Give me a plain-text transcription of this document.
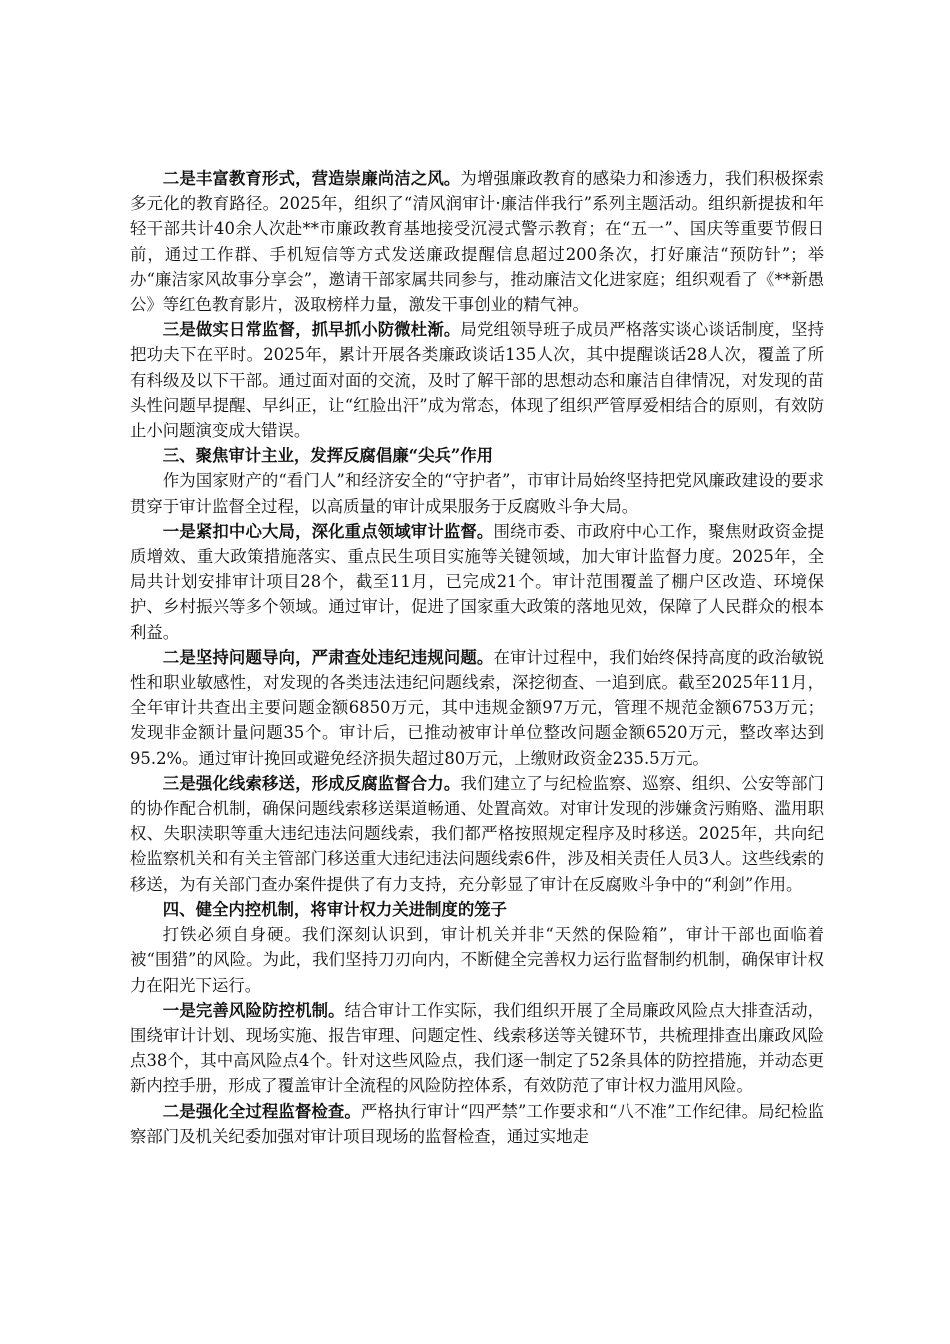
二是丰富教育形式，营造崇廉尚洁之风。为增强廉政教育的感染力和渗透力，我们积极探索多元化的教育路径。2025年，组织了“清风润审计·廉洁伴我行”系列主题活动。组织新提拔和年轻干部共计40余人次赴**市廉政教育基地接受沉浸式警示教育；在“五一”、国庆等重要节假日前，通过工作群、手机短信等方式发送廉政提醒信息超过200条次，打好廉洁“预防针”；举办“廉洁家风故事分享会”，邀请干部家属共同参与，推动廉洁文化进家庭；组织观看了《**新愚公》等红色教育影片，汲取榜样力量，激发干事创业的精气神。

三是做实日常监督，抓早抓小防微杜渐。局党组领导班子成员严格落实谈心谈话制度，坚持把功夫下在平时。2025年，累计开展各类廉政谈话135人次，其中提醒谈话28人次，覆盖了所有科级及以下干部。通过面对面的交流，及时了解干部的思想动态和廉洁自律情况，对发现的苗头性问题早提醒、早纠正，让“红脸出汗”成为常态，体现了组织严管厚爱相结合的原则，有效防止小问题演变成大错误。

三、聚焦审计主业，发挥反腐倡廉“尖兵”作用

作为国家财产的“看门人”和经济安全的“守护者”，市审计局始终坚持把党风廉政建设的要求贯穿于审计监督全过程，以高质量的审计成果服务于反腐败斗争大局。

一是紧扣中心大局，深化重点领域审计监督。围绕市委、市政府中心工作，聚焦财政资金提质增效、重大政策措施落实、重点民生项目实施等关键领域，加大审计监督力度。2025年，全局共计划安排审计项目28个，截至11月，已完成21个。审计范围覆盖了棚户区改造、环境保护、乡村振兴等多个领域。通过审计，促进了国家重大政策的落地见效，保障了人民群众的根本利益。

二是坚持问题导向，严肃查处违纪违规问题。在审计过程中，我们始终保持高度的政治敏锐性和职业敏感性，对发现的各类违法违纪问题线索，深挖彻查、一追到底。截至2025年11月，全年审计共查出主要问题金额6850万元，其中违规金额97万元，管理不规范金额6753万元；发现非金额计量问题35个。审计后，已推动被审计单位整改问题金额6520万元，整改率达到95.2%。通过审计挽回或避免经济损失超过80万元，上缴财政资金235.5万元。

三是强化线索移送，形成反腐监督合力。我们建立了与纪检监察、巡察、组织、公安等部门的协作配合机制，确保问题线索移送渠道畅通、处置高效。对审计发现的涉嫌贪污贿赂、滥用职权、失职渎职等重大违纪违法问题线索，我们都严格按照规定程序及时移送。2025年，共向纪检监察机关和有关主管部门移送重大违纪违法问题线索6件，涉及相关责任人员3人。这些线索的移送，为有关部门查办案件提供了有力支持，充分彰显了审计在反腐败斗争中的“利剑”作用。

四、健全内控机制，将审计权力关进制度的笼子

打铁必须自身硬。我们深刻认识到，审计机关并非“天然的保险箱”，审计干部也面临着被“围猎”的风险。为此，我们坚持刀刃向内，不断健全完善权力运行监督制约机制，确保审计权力在阳光下运行。

一是完善风险防控机制。结合审计工作实际，我们组织开展了全局廉政风险点大排查活动，围绕审计计划、现场实施、报告审理、问题定性、线索移送等关键环节，共梳理排查出廉政风险点38个，其中高风险点4个。针对这些风险点，我们逐一制定了52条具体的防控措施，并动态更新内控手册，形成了覆盖审计全流程的风险防控体系，有效防范了审计权力滥用风险。

二是强化全过程监督检查。严格执行审计“四严禁”工作要求和“八不准”工作纪律。局纪检监察部门及机关纪委加强对审计项目现场的监督检查，通过实地走
